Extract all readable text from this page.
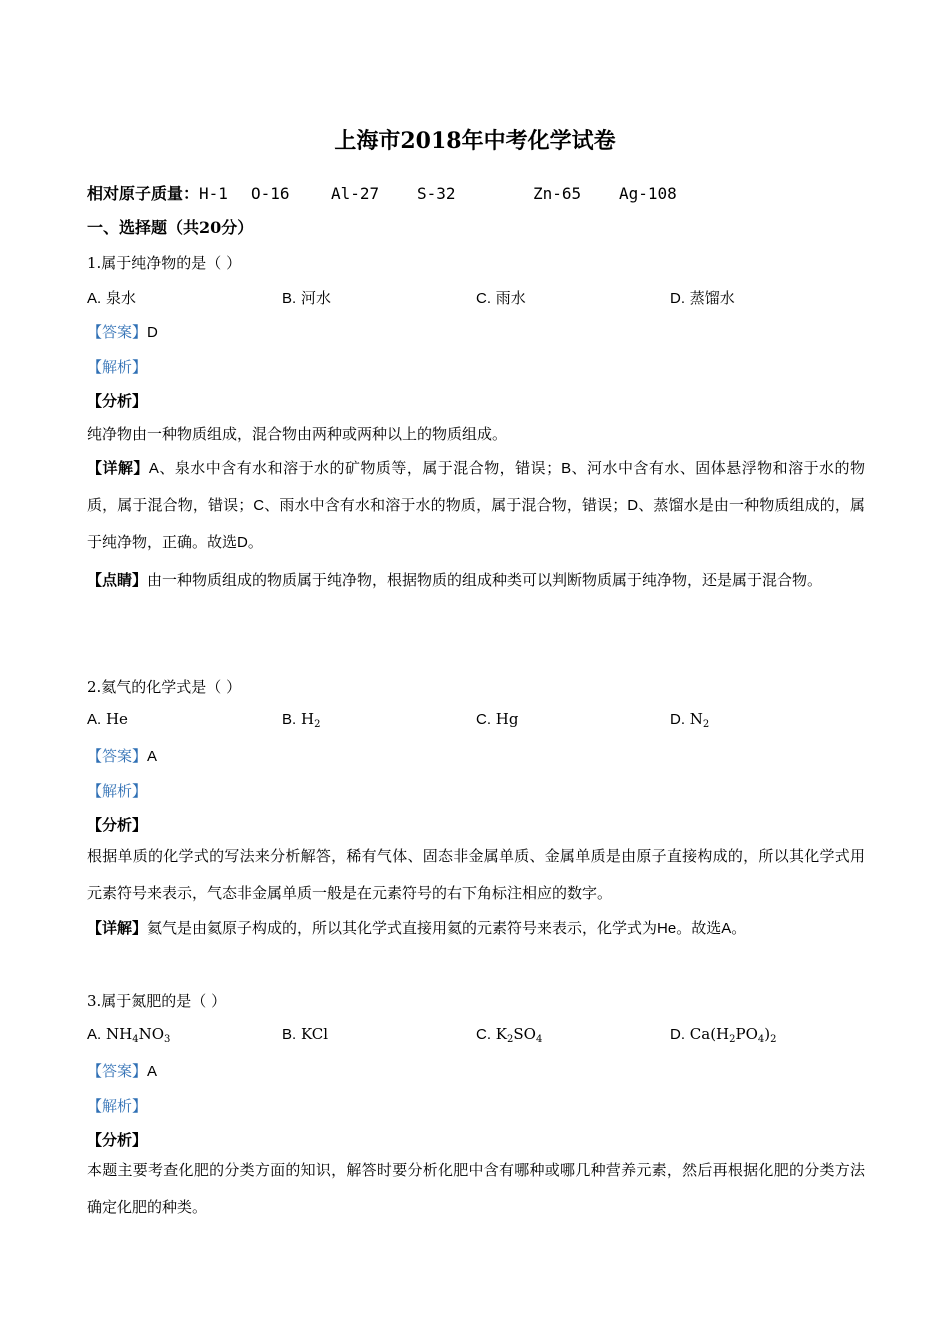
上海市2018年中考化学试卷
相对原子质量：H-1 O-16	Al-27 S-32	Zn-65 Ag-108
一、选择题（共20分）
1.属于纯净物的是（ ）
A. 泉水	B. 河水	C. 雨水	D. 蒸馏水
【答案】D
【解析】
【分析】
纯净物由一种物质组成，混合物由两种或两种以上的物质组成。
【详解】A、泉水中含有水和溶于水的矿物质等，属于混合物，错误；B、河水中含有水、固体悬浮物和溶于水的物质，属于混合物，错误；C、雨水中含有水和溶于水的物质，属于混合物，错误；D、蒸馏水是由一种物质组成的，属于纯净物，正确。故选D。
【点睛】由一种物质组成的物质属于纯净物，根据物质的组成种类可以判断物质属于纯净物，还是属于混合物。
2.氦气的化学式是（ ）
A. He	B. $H_2$	C. Hg	D. $N_2$
【答案】A
【解析】
【分析】
根据单质的化学式的写法来分析解答，稀有气体、固态非金属单质、金属单质是由原子直接构成的，所以其化学式用元素符号来表示，气态非金属单质一般是在元素符号的右下角标注相应的数字。
【详解】氦气是由氦原子构成的，所以其化学式直接用氦的元素符号来表示，化学式为He。故选A。
3.属于氮肥的是（ ）
A. $NH_4NO_3$	B. KCl	C. $K_2SO_4$	D. $Ca(H_2PO_4)_2$
【答案】A
【解析】
【分析】
本题主要考查化肥的分类方面的知识，解答时要分析化肥中含有哪种或哪几种营养元素，然后再根据化肥的分类方法确定化肥的种类。
